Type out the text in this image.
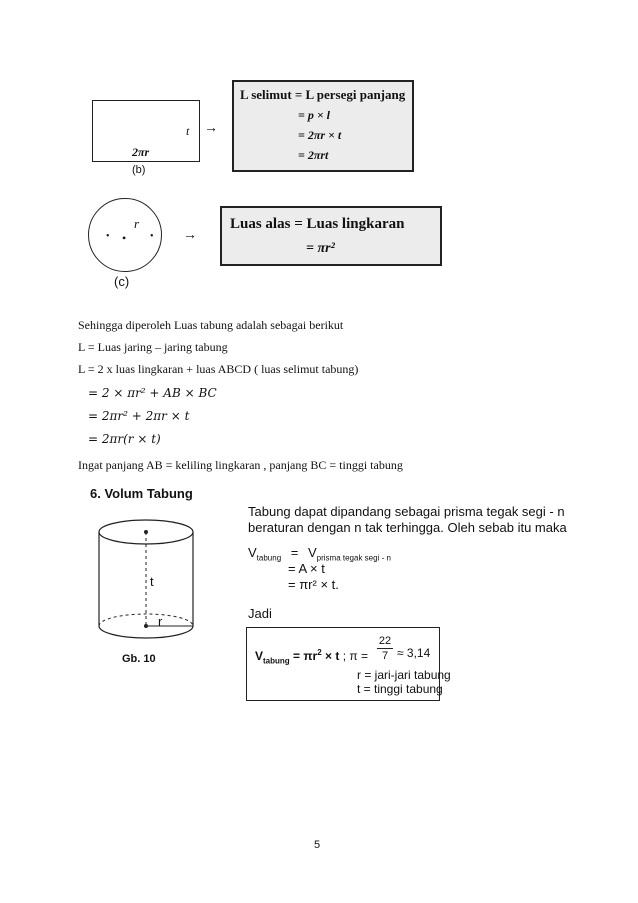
t
2πr
(b)
→
L selimut = L persegi panjang
= p × l
= 2πr × t
= 2πrt
•
•	•
r
(c)
→
Luas alas = Luas lingkaran
= πr²
Sehingga diperoleh Luas tabung adalah sebagai berikut
L = Luas jaring – jaring tabung
L = 2 x luas lingkaran + luas ABCD ( luas selimut tabung)
= 2 × πr² + AB × BC
= 2πr² + 2πr × t
= 2πr(r × t)
Ingat panjang AB = keliling lingkaran , panjang BC = tinggi tabung
6. Volum Tabung
t
r
Gb. 10
Tabung dapat dipandang sebagai prisma tegak segi - n
beraturan dengan n tak terhingga. Oleh sebab itu maka
$V_{tabung} = V_{prisma tegak segi - n}$
= A × t
= πr² × t.
Jadi
$V_{tabung} = \pi r^2 \times t$ ; $\pi = \frac{22}{7} \approx 3,14$
r = jari-jari tabung
t = tinggi tabung
5
